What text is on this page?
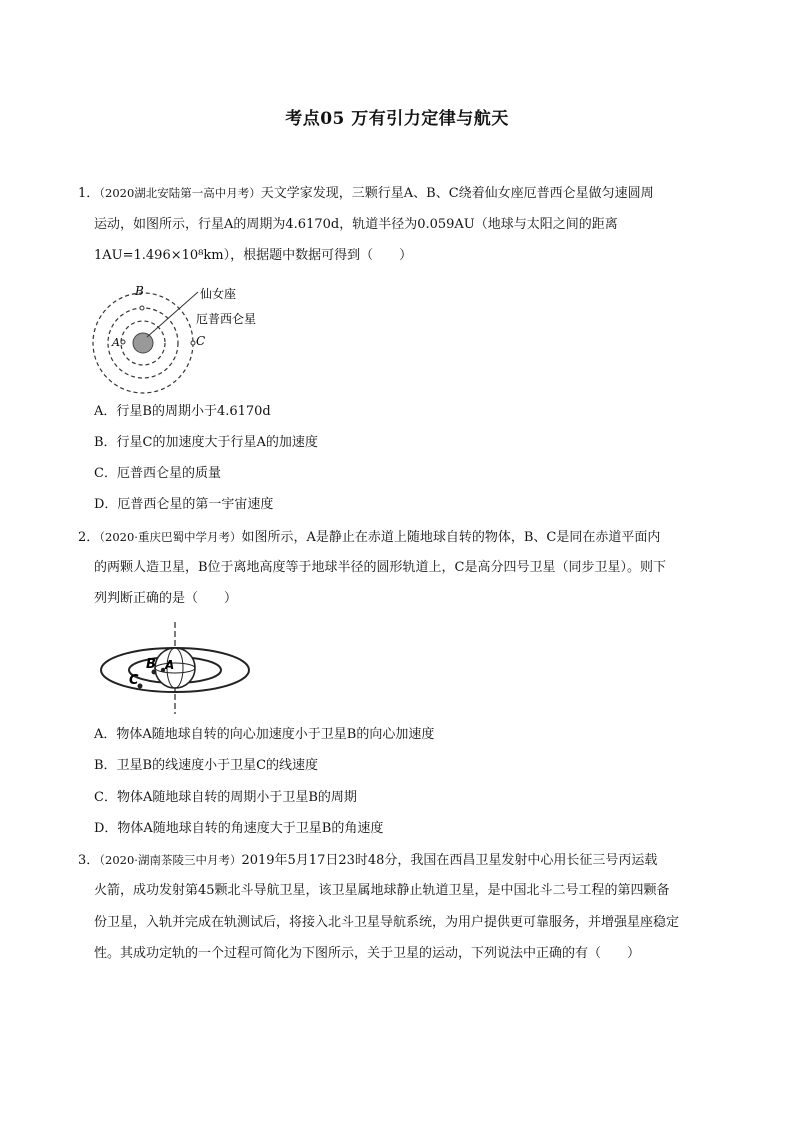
考点05 万有引力定律与航天
1．（2020湖北安陆第一高中月考）天文学家发现，三颗行星A、B、C绕着仙女座厄普西仑星做匀速圆周
运动，如图所示，行星A的周期为4.6170d，轨道半径为0.059AU（地球与太阳之间的距离
1AU=1.496×10⁸km），根据题中数据可得到（　　）
B
A	C
仙女座
厄普西仑星
A．行星B的周期小于4.6170d
B．行星C的加速度大于行星A的加速度
C．厄普西仑星的质量
D．厄普西仑星的第一宇宙速度
2．（2020·重庆巴蜀中学月考）如图所示，A是静止在赤道上随地球自转的物体，B、C是同在赤道平面内
的两颗人造卫星，B位于离地高度等于地球半径的圆形轨道上，C是高分四号卫星（同步卫星）。则下
列判断正确的是（　　）
A
B
C
A．物体A随地球自转的向心加速度小于卫星B的向心加速度
B．卫星B的线速度小于卫星C的线速度
C．物体A随地球自转的周期小于卫星B的周期
D．物体A随地球自转的角速度大于卫星B的角速度
3．（2020·湖南茶陵三中月考）2019年5月17日23时48分，我国在西昌卫星发射中心用长征三号丙运载
火箭，成功发射第45颗北斗导航卫星，该卫星属地球静止轨道卫星，是中国北斗二号工程的第四颗备
份卫星，入轨并完成在轨测试后，将接入北斗卫星导航系统，为用户提供更可靠服务，并增强星座稳定
性。其成功定轨的一个过程可简化为下图所示，关于卫星的运动，下列说法中正确的有（　　）
